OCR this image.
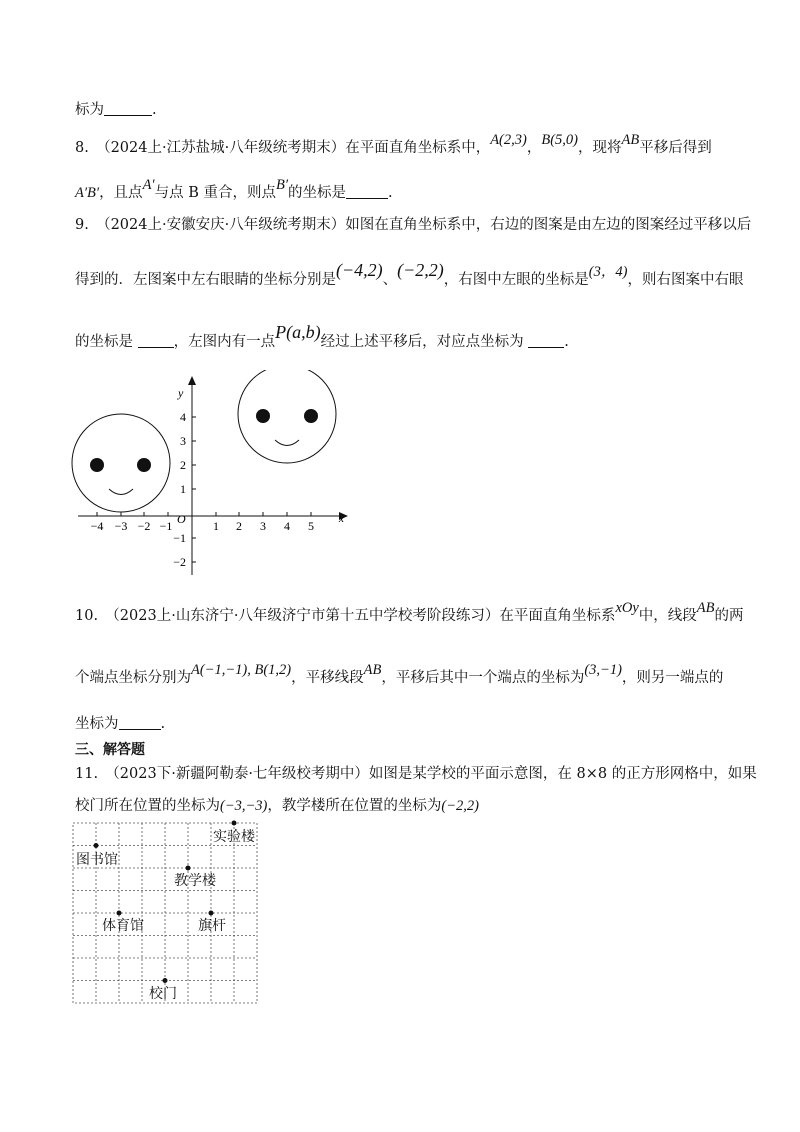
标为	.
8.　（2024上·江苏盐城·八年级统考期末）在平面直角坐标系中，A(2,3)，B(5,0)，现将AB平移后得到
A′B′，且点A′与点 B 重合，则点B′的坐标是	.
9.　（2024上·安徽安庆·八年级统考期末）如图在直角坐标系中，右边的图案是由左边的图案经过平移以后
得到的．左图案中左右眼睛的坐标分别是(−4,2)、(−2,2)，右图中左眼的坐标是(3，4)，则右图案中右眼
的坐标是 ，左图内有一点P(a,b)经过上述平移后，对应点坐标为 .
x
y
O
−4 −3 −2 −1	1 2 3 4 5
4
3
2
1
−1
−2
10.　（2023上·山东济宁·八年级济宁市第十五中学校考阶段练习）在平面直角坐标系xOy中，线段AB的两
个端点坐标分别为A(−1,−1), B(1,2)，平移线段AB，平移后其中一个端点的坐标为(3,−1)，则另一端点的
坐标为	.
三、解答题
11.　（2023下·新疆阿勒泰·七年级校考期中）如图是某学校的平面示意图，在 8×8 的正方形网格中，如果
校门所在位置的坐标为(−3,−3)，教学楼所在位置的坐标为(−2,2)
实验楼
图书馆
教学楼
体育馆	旗杆
校门
